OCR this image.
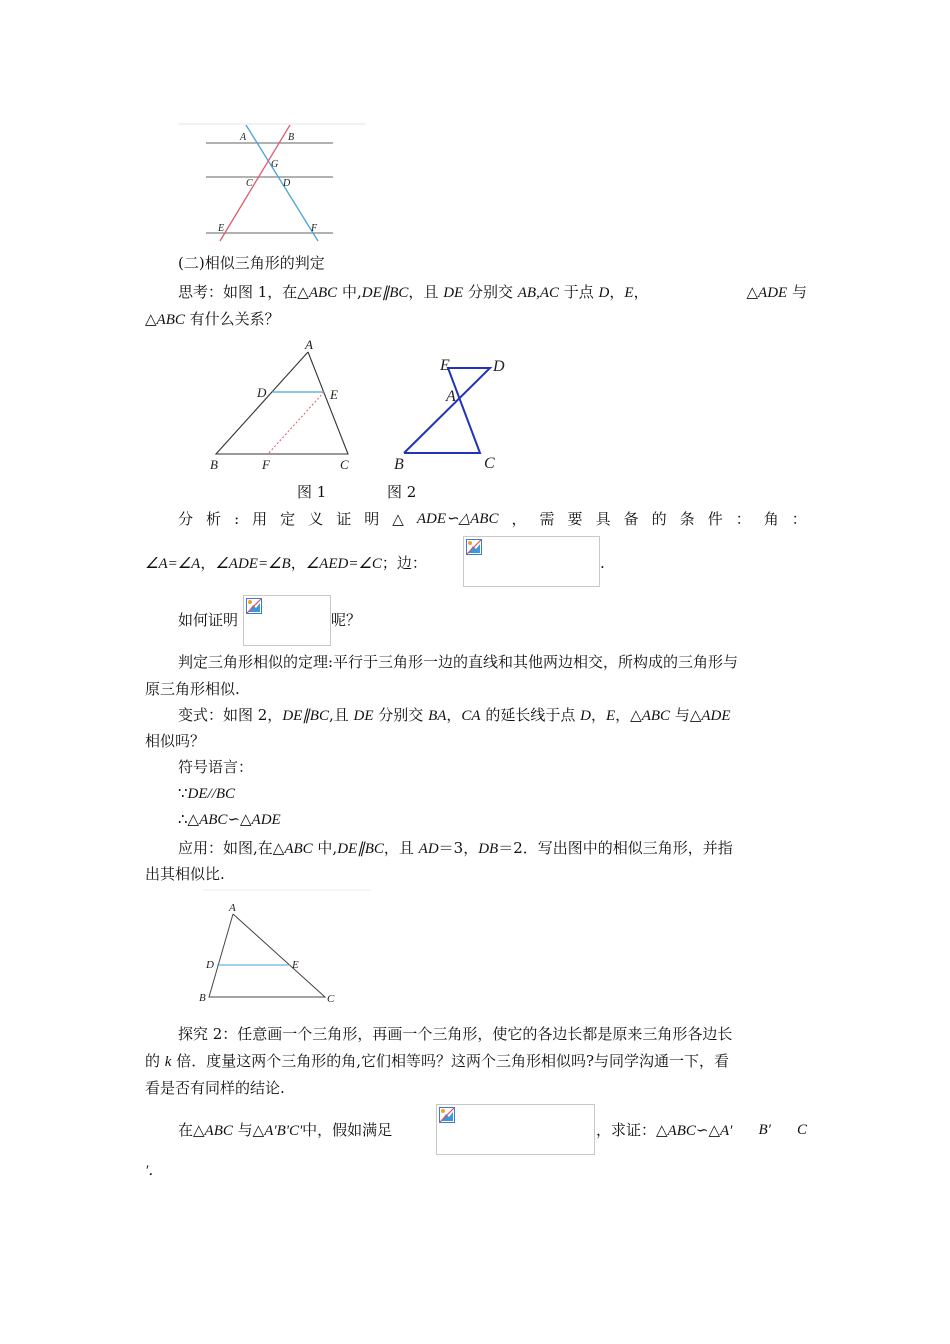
A	B
G
C	D
E	F
(二)相似三角形的判定
思考：如图 1，在△ABC 中,DE∥BC，且 DE 分别交 AB,AC 于点 D，E，	△ADE 与
△ABC 有什么关系？
A
D	E
B	F	C
E	D
A
B	C
图 1	图 2
分 析 : 用 定 义 证 明 △ ADE∽△ABC ， 需 要 具 备 的 条 件 ： 角 ：
∠A=∠A，∠ADE=∠B，∠AED=∠C；边：	.
如何证明	呢？
判定三角形相似的定理:平行于三角形一边的直线和其他两边相交，所构成的三角形与
原三角形相似.
变式：如图 2，DE∥BC,且 DE 分别交 BA，CA 的延长线于点 D，E，△ABC 与△ADE
相似吗？
符号语言：
∵DE//BC
∴△ABC∽△ADE
应用：如图,在△ABC 中,DE∥BC，且 AD＝3，DB＝2．写出图中的相似三角形，并指
出其相似比.
A
D	E
B	C
探究 2：任意画一个三角形，再画一个三角形，使它的各边长都是原来三角形各边长
的 k 倍．度量这两个三角形的角,它们相等吗？这两个三角形相似吗?与同学沟通一下，看
看是否有同样的结论.
在△ABC 与△A'B'C'中，假如满足	，求证：△ABC∽△A′ B′ C
′．
